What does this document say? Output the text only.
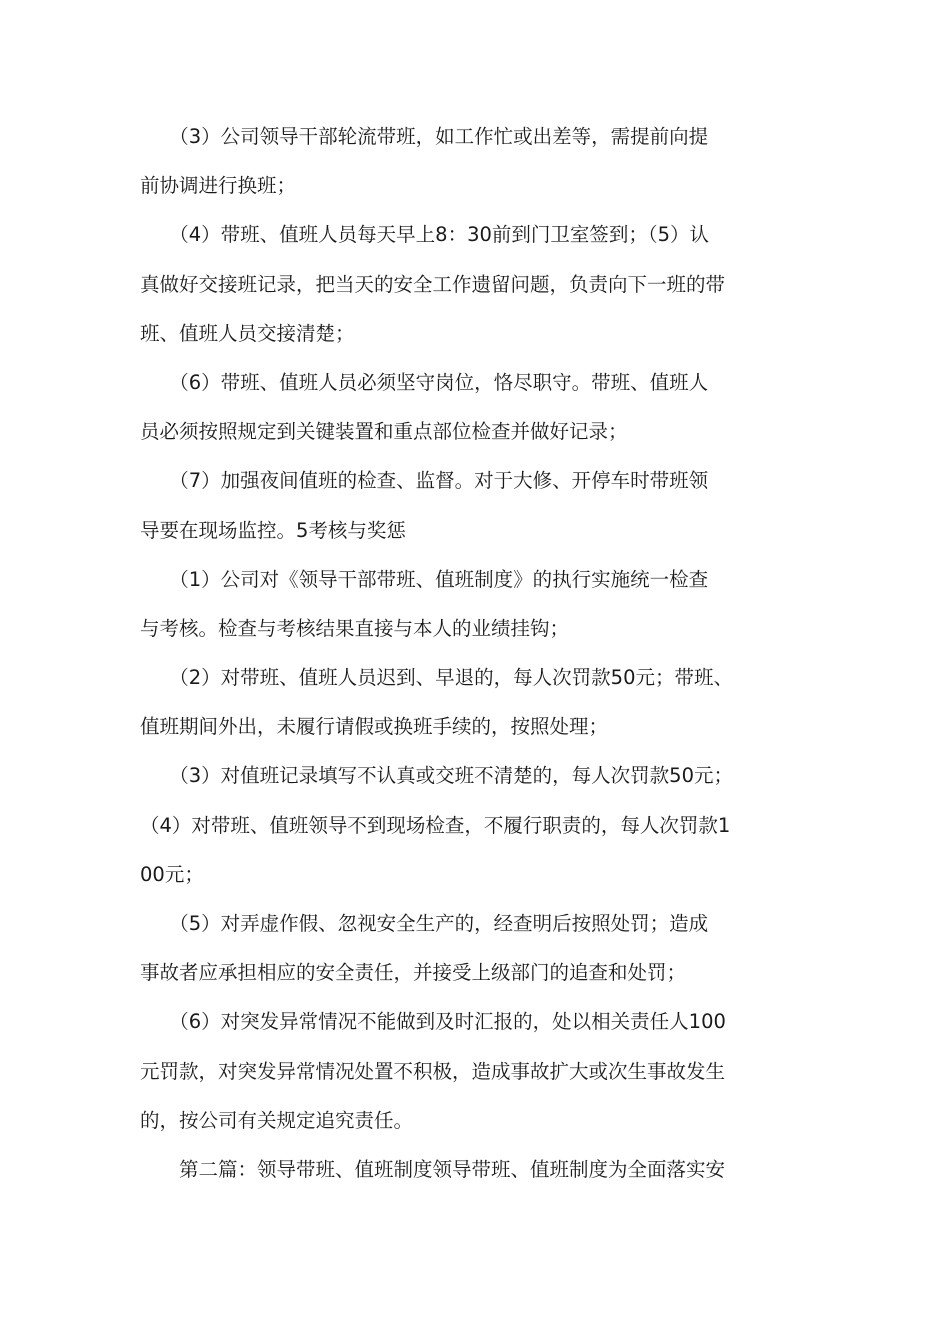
　　（3）公司领导干部轮流带班，如工作忙或出差等，需提前向提
前协调进行换班；
　　（4）带班、值班人员每天早上8：30前到门卫室签到；（5）认
真做好交接班记录，把当天的安全工作遗留问题，负责向下一班的带
班、值班人员交接清楚；
　　（6）带班、值班人员必须坚守岗位，恪尽职守。带班、值班人
员必须按照规定到关键装置和重点部位检查并做好记录；
　　（7）加强夜间值班的检查、监督。对于大修、开停车时带班领
导要在现场监控。5考核与奖惩
　　（1）公司对《领导干部带班、值班制度》的执行实施统一检查
与考核。检查与考核结果直接与本人的业绩挂钩；
　　（2）对带班、值班人员迟到、早退的，每人次罚款50元；带班、
值班期间外出，未履行请假或换班手续的，按照处理；
　　（3）对值班记录填写不认真或交班不清楚的，每人次罚款50元；
（4）对带班、值班领导不到现场检查，不履行职责的，每人次罚款1
00元；
　　（5）对弄虚作假、忽视安全生产的，经查明后按照处罚；造成
事故者应承担相应的安全责任，并接受上级部门的追查和处罚；
　　（6）对突发异常情况不能做到及时汇报的，处以相关责任人100
元罚款，对突发异常情况处置不积极，造成事故扩大或次生事故发生
的，按公司有关规定追究责任。
　　第二篇：领导带班、值班制度领导带班、值班制度为全面落实安
